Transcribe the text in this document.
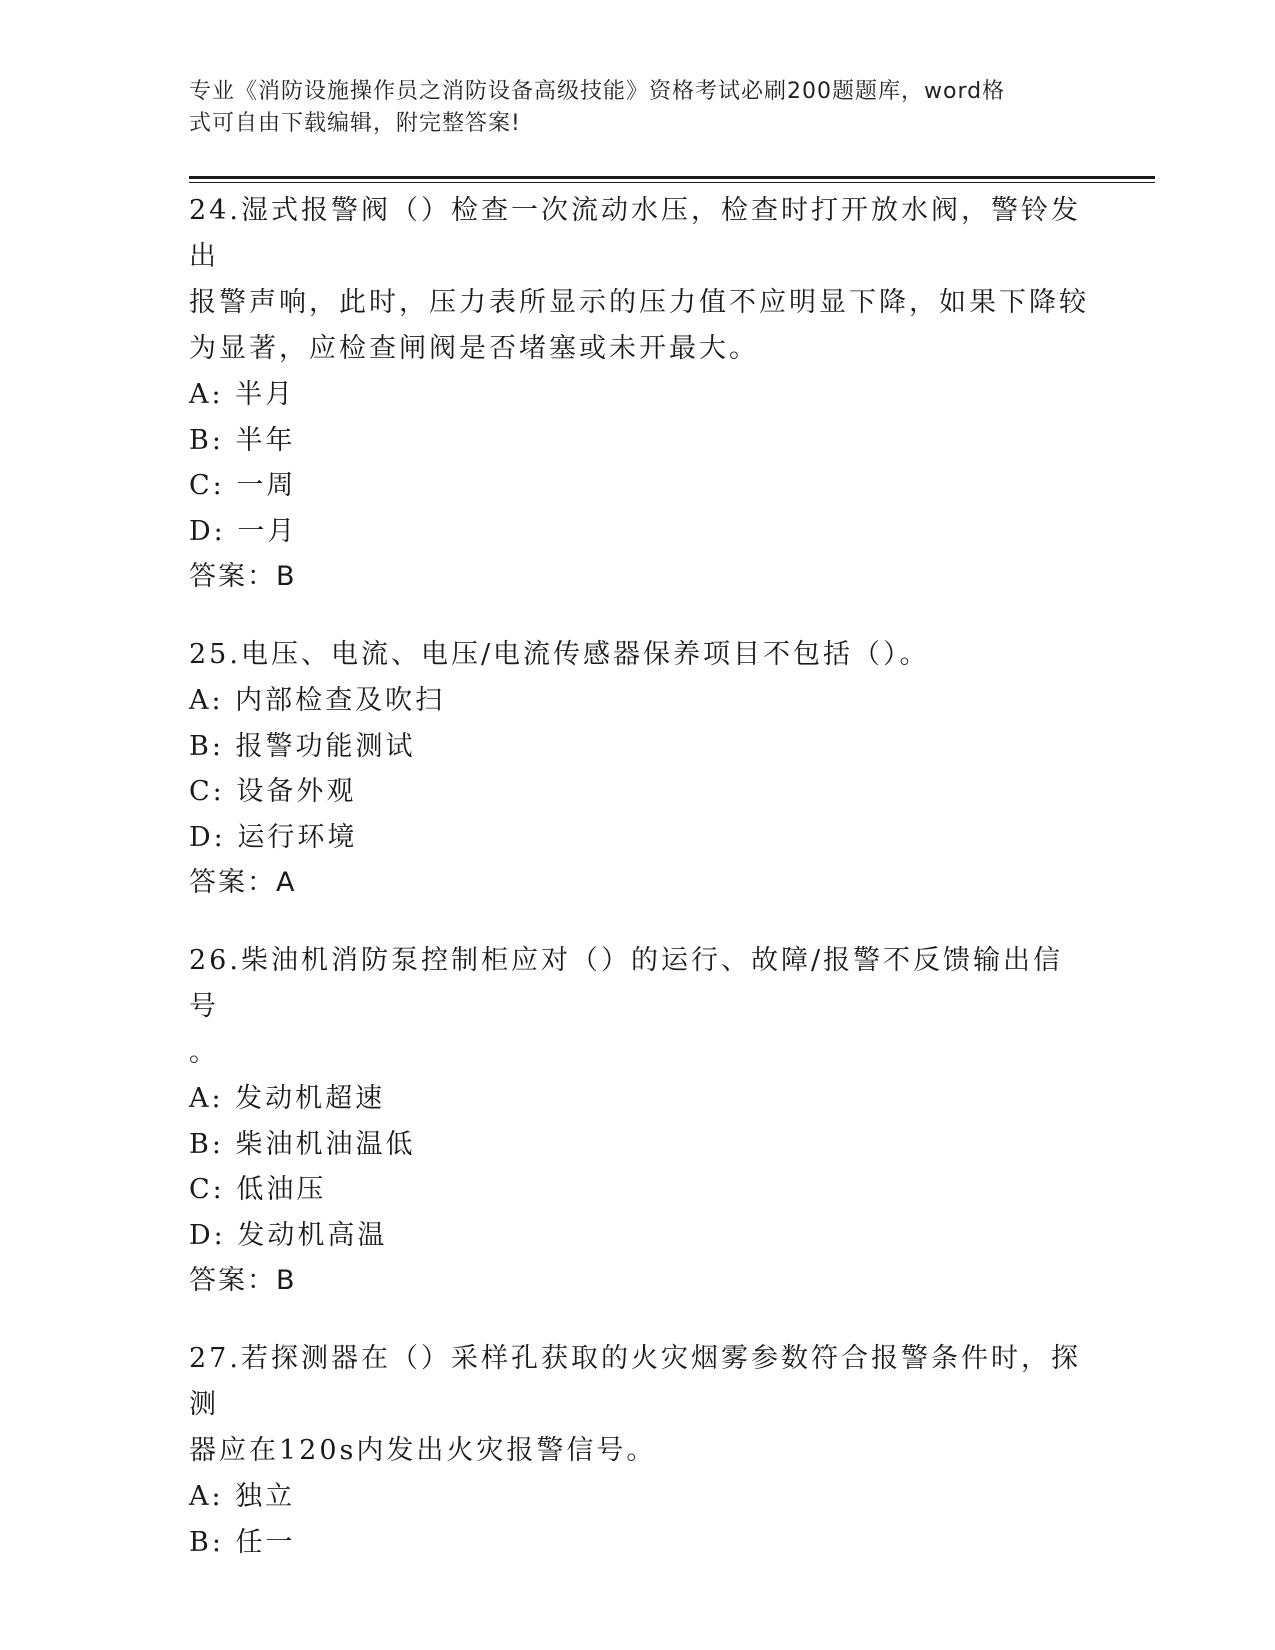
专业《消防设施操作员之消防设备高级技能》资格考试必刷200题题库，word格
式可自由下载编辑，附完整答案!

24.湿式报警阀（）检查一次流动水压，检查时打开放水阀，警铃发出

报警声响，此时，压力表所显示的压力值不应明显下降，如果下降较

为显著，应检查闸阀是否堵塞或未开最大。

A: 半月

B: 半年

C: 一周

D: 一月

答案：B

25.电压、电流、电压/电流传感器保养项目不包括（）。

A: 内部检查及吹扫

B: 报警功能测试

C: 设备外观

D: 运行环境

答案：A

26.柴油机消防泵控制柜应对（）的运行、故障/报警不反馈输出信号

。

A: 发动机超速

B: 柴油机油温低

C: 低油压

D: 发动机高温

答案：B

27.若探测器在（）采样孔获取的火灾烟雾参数符合报警条件时，探测

器应在120s内发出火灾报警信号。

A: 独立

B: 任一
